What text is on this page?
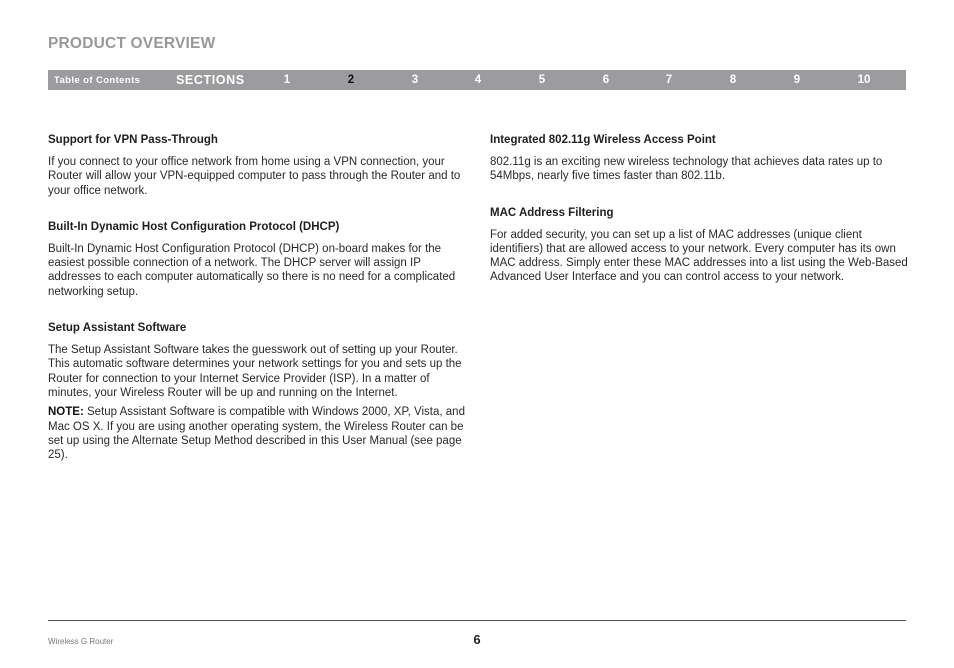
PRODUCT OVERVIEW
Table of Contents	SECTIONS	1	2	3	4	5	6	7	8	9	10
Support for VPN Pass-Through

If you connect to your office network from home using a VPN connection, your Router will allow your VPN-equipped computer to pass through the Router and to your office network.

Built-In Dynamic Host Configuration Protocol (DHCP)

Built-In Dynamic Host Configuration Protocol (DHCP) on-board makes for the easiest possible connection of a network. The DHCP server will assign IP addresses to each computer automatically so there is no need for a complicated networking setup.

Setup Assistant Software

The Setup Assistant Software takes the guesswork out of setting up your Router. This automatic software determines your network settings for you and sets up the Router for connection to your Internet Service Provider (ISP). In a matter of minutes, your Wireless Router will be up and running on the Internet.

NOTE: Setup Assistant Software is compatible with Windows 2000, XP, Vista, and Mac OS X. If you are using another operating system, the Wireless Router can be set up using the Alternate Setup Method described in this User Manual (see page 25).

Integrated 802.11g Wireless Access Point

802.11g is an exciting new wireless technology that achieves data rates up to 54Mbps, nearly five times faster than 802.11b.

MAC Address Filtering

For added security, you can set up a list of MAC addresses (unique client identifiers) that are allowed access to your network. Every computer has its own MAC address. Simply enter these MAC addresses into a list using the Web-Based Advanced User Interface and you can control access to your network.

Wireless G Router	6
